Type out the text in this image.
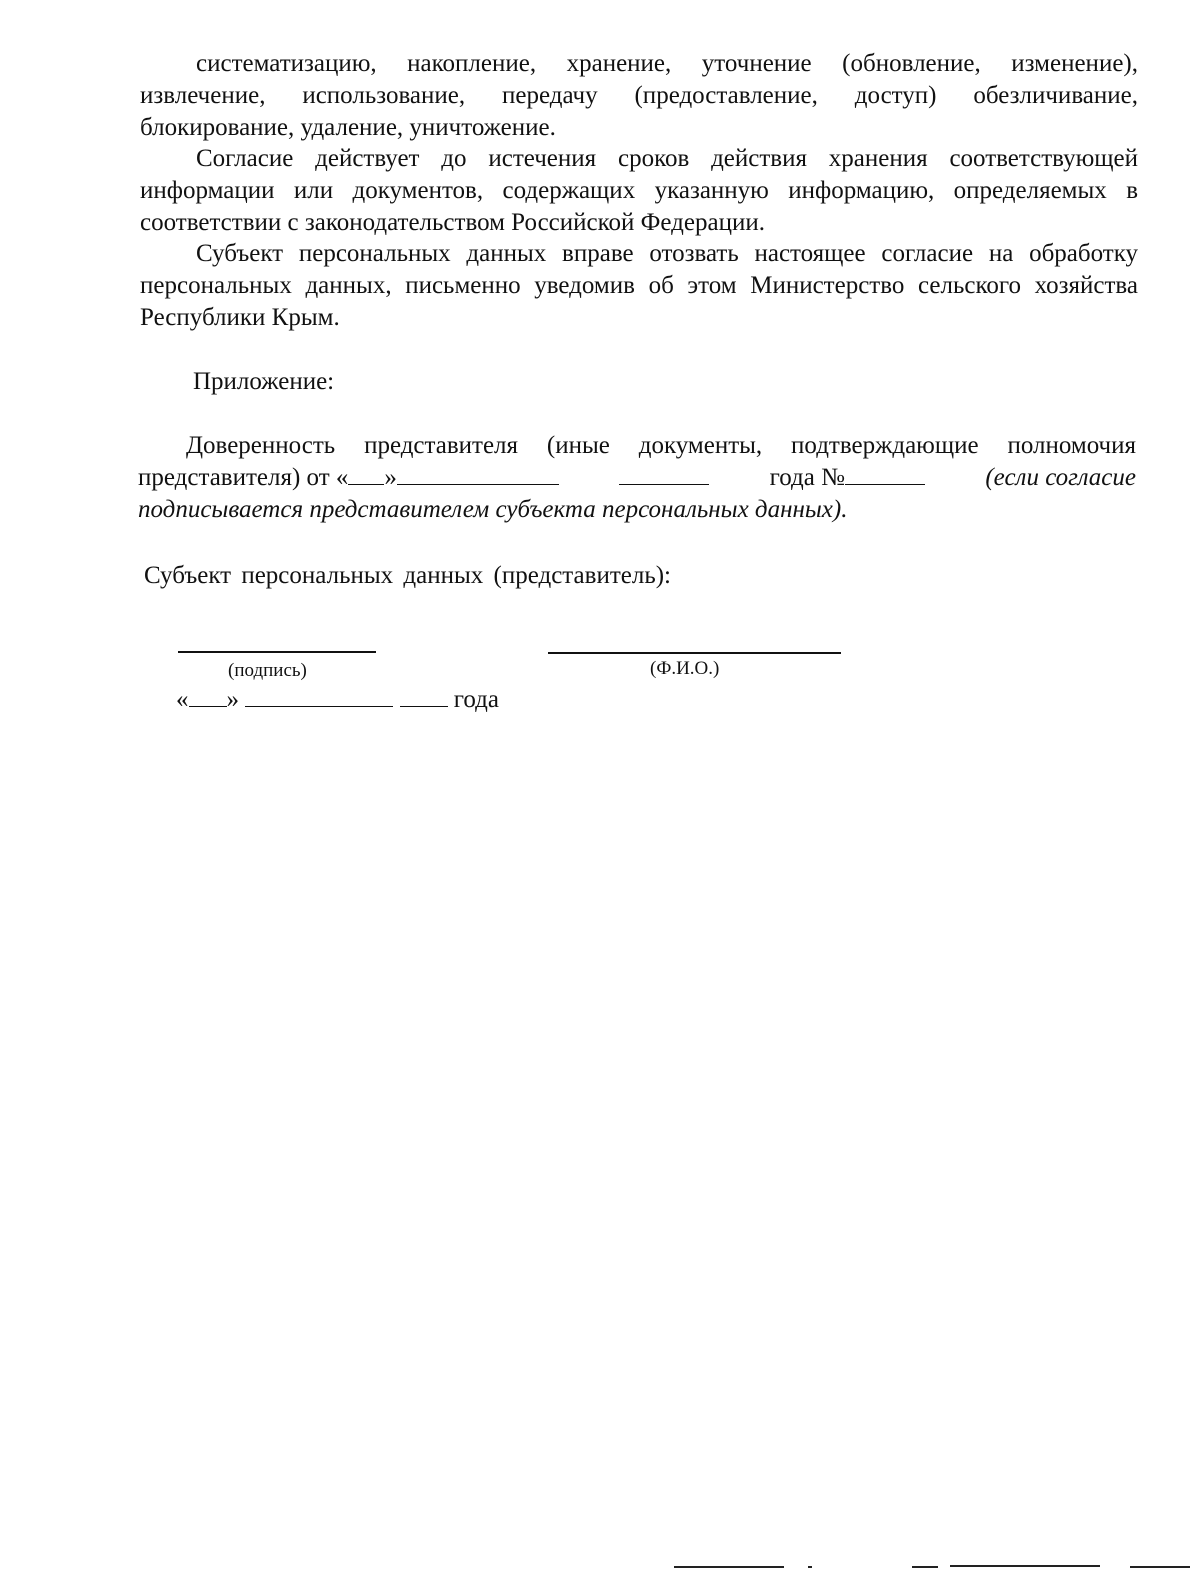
систематизацию, накопление, хранение, уточнение (обновление, изменение), извлечение, использование, передачу (предоставление, доступ) обезличивание, блокирование, удаление, уничтожение.

Согласие действует до истечения сроков действия хранения соответствующей информации или документов, содержащих указанную информацию, определяемых в соответствии с законодательством Российской Федерации.

Субъект персональных данных вправе отозвать настоящее согласие на обработку персональных данных, письменно уведомив об этом Министерство сельского хозяйства Республики Крым.

Приложение:

Доверенность представителя (иные документы, подтверждающие полномочия
представителя) от « »	года №	(если согласие
подписывается представителем субъекта персональных данных).

Субъект персональных данных (представитель):

(подпись)	(Ф.И.О.)

« »	года
